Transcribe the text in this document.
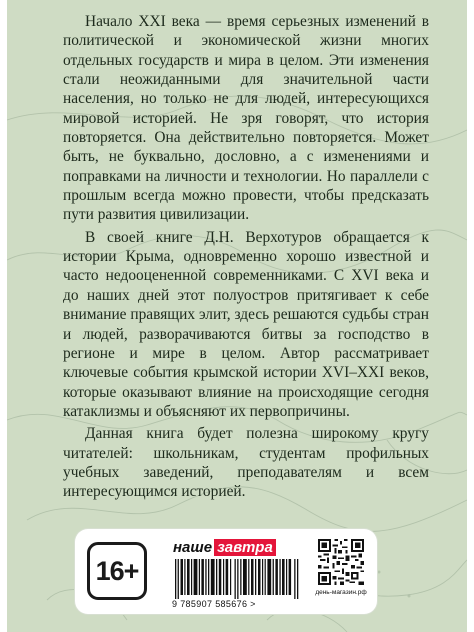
Начало XXI века — время серьезных изменений в политической и экономической жизни многих отдельных государств и мира в целом. Эти изменения стали неожиданными для значительной части населения, но только не для людей, интересующихся мировой историей. Не зря говорят, что история повторяется. Она действительно повторяется. Может быть, не буквально, дословно, а с изменениями и поправками на личности и технологии. Но параллели с прошлым всегда можно провести, чтобы предсказать пути развития цивилизации.

В своей книге Д.Н. Верхотуров обращается к истории Крыма, одновременно хорошо известной и часто недооцененной современниками. С XVI века и до наших дней этот полуостров притягивает к себе внимание правящих элит, здесь решаются судьбы стран и людей, разворачиваются битвы за господство в регионе и мире в целом. Автор рассматривает ключевые события крымской истории XVI–XXI веков, которые оказывают влияние на происходящие сегодня катаклизмы и объясняют их первопричины.

Данная книга будет полезна широкому кругу читателей: школьникам, студентам профильных учебных заведений, преподавателям и всем интересующимся историей.

16+
наше завтра
9 785907 585676 >
день-магазин.рф
